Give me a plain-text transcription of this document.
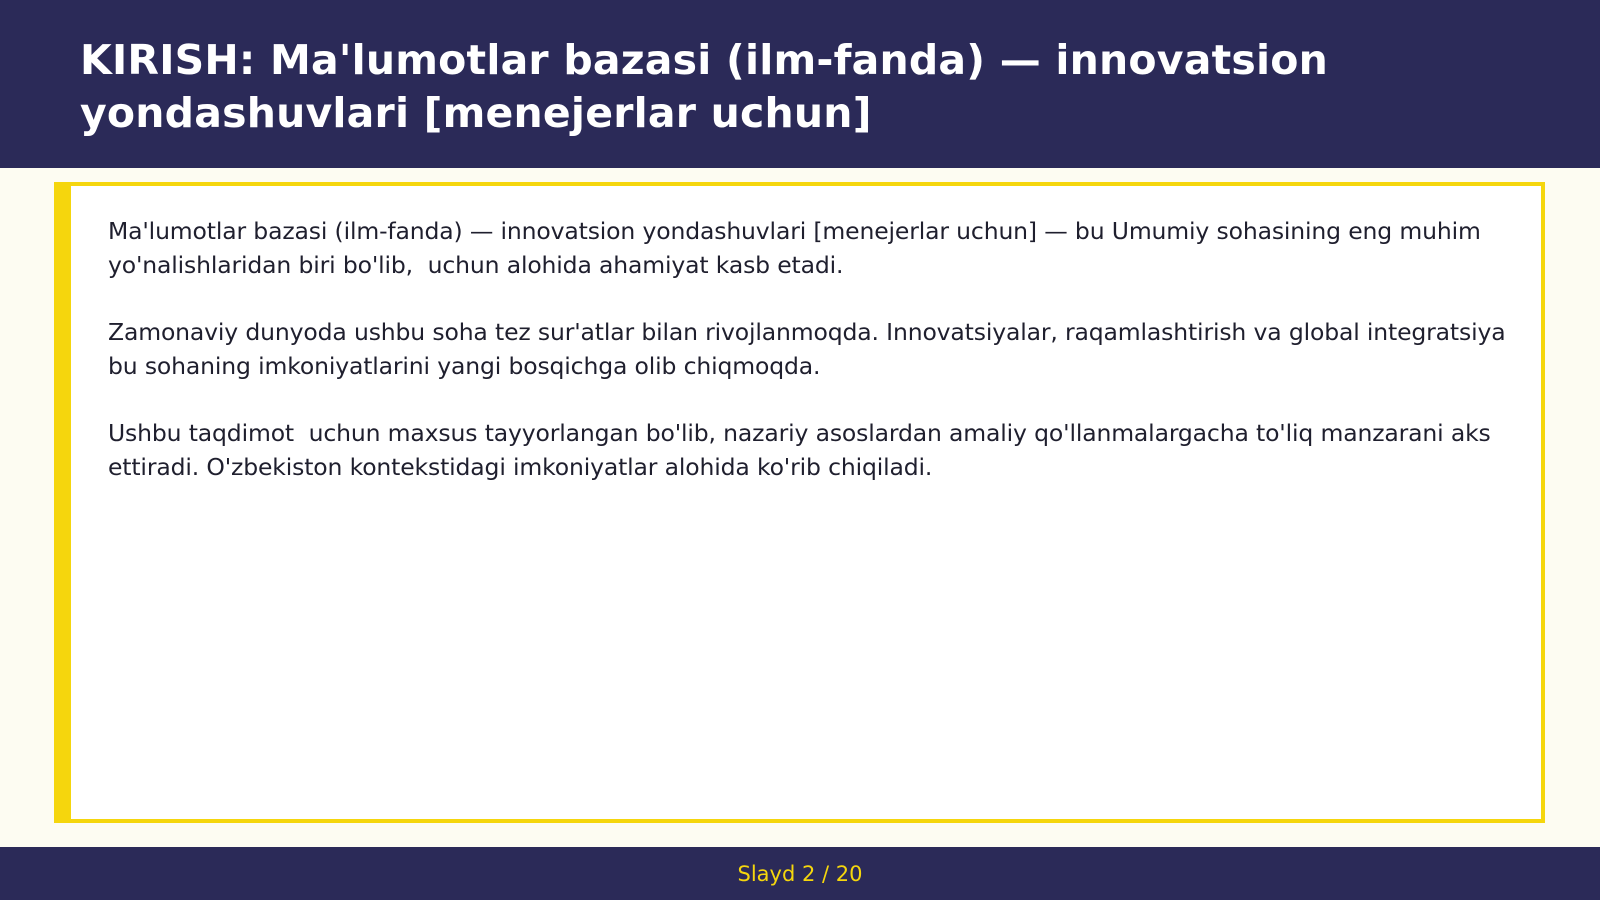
KIRISH: Ma'lumotlar bazasi (ilm-fanda) — innovatsion yondashuvlari [menejerlar uchun]

Ma'lumotlar bazasi (ilm-fanda) — innovatsion yondashuvlari [menejerlar uchun] — bu Umumiy sohasining eng muhim yo'nalishlaridan biri bo'lib,  uchun alohida ahamiyat kasb etadi.

Zamonaviy dunyoda ushbu soha tez sur'atlar bilan rivojlanmoqda. Innovatsiyalar, raqamlashtirish va global integratsiya bu sohaning imkoniyatlarini yangi bosqichga olib chiqmoqda.

Ushbu taqdimot  uchun maxsus tayyorlangan bo'lib, nazariy asoslardan amaliy qo'llanmalargacha to'liq manzarani aks ettiradi. O'zbekiston kontekstidagi imkoniyatlar alohida ko'rib chiqiladi.

Slayd 2 / 20
